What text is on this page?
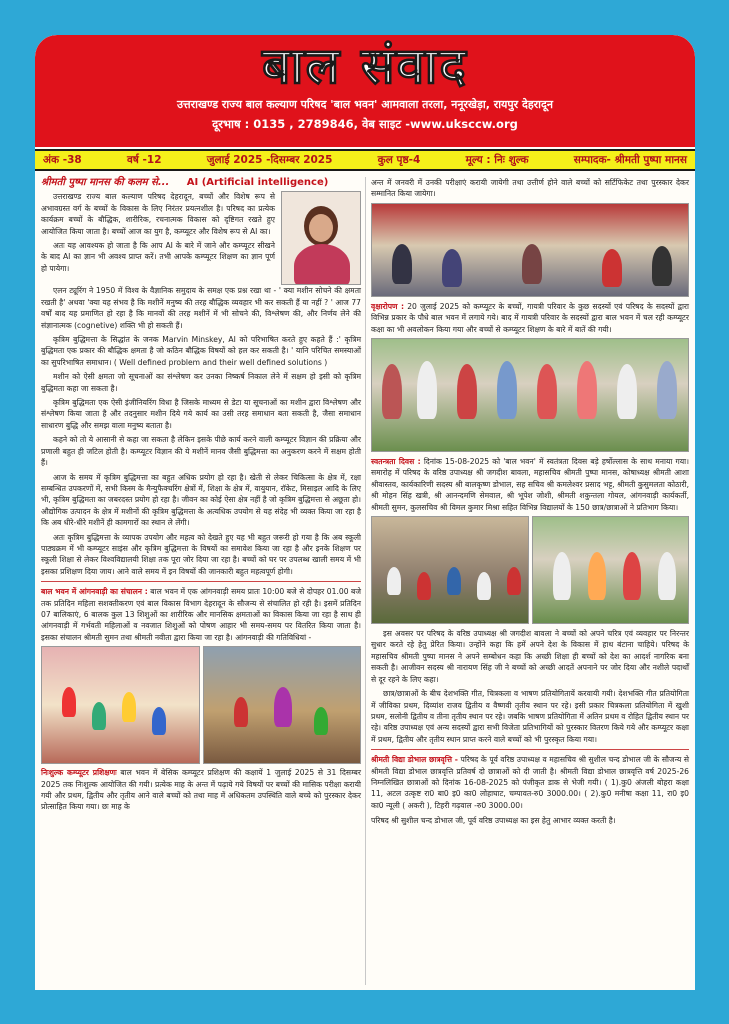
बाल संवाद
उत्तराखण्ड राज्य बाल कल्याण परिषद 'बाल भवन' आमवाला तरला, ननूरखेड़ा, रायपुर देहरादून
दूरभाष : 0135 , 2789846, वेब साइट -www.uksccw.org
अंक -38	वर्ष -12	जुलाई 2025 -दिसम्बर 2025	कुल पृष्ठ-4	मूल्य : निः शुल्क	सम्पादक- श्रीमती पुष्पा मानस
श्रीमती पुष्पा मानस की कलम से... AI (Artificial intelligence)

उत्तराखण्ड राज्य बाल कल्याण परिषद देहरादून, बच्चों और विशेष रूप से अभावग्रस्त वर्ग के बच्चों के विकास के लिए निरंतर प्रयत्नशील है। परिषद का प्रत्येक कार्यक्रम बच्चों के बौद्धिक, शारीरिक, रचनात्मक विकास को दृष्टिगत रखते हुए आयोजित किया जाता है। बच्चों आज का युग है, कम्प्यूटर और विशेष रूप से AI का।

अतः यह आवश्यक हो जाता है कि आप AI के बारे में जाने और कम्प्यूटर सीखने के बाद AI का ज्ञान भी अवश्य प्राप्त करें। तभी आपके कम्प्यूटर शिक्षण का ज्ञान पूर्ण हो पायेगा।

एलन ट्यूरिंग ने 1950 में विश्व के वैज्ञानिक समुदाय के समक्ष एक प्रश्न रखा था - ' क्या मशीन सोचने की क्षमता रखती है' अथवा 'क्या यह संभव है कि मशीनें मनुष्य की तरह बौद्धिक व्यवहार भी कर सकती हैं या नहीं ? ' आज 77 वर्षों बाद यह प्रमाणित हो रहा है कि मानवों की तरह मशीनें में भी सोचने की, विश्लेषण की, और निर्णय लेने की संज्ञानात्मक (cognetive) शक्ति भी हो सकती हैं।

कृत्रिम बुद्धिमत्ता के सिद्धांत के जनक Marvin Minskey, AI को परिभाषित करते हुए कहते हैं :' कृत्रिम बुद्धिमता एक प्रकार की बौद्धिक क्षमता है जो कठिन बौद्धिक विषयों को हल कर सकती है। ' यानि परिचित समस्याओं का सुपरिभाषित समाधान। ( Well defined problem and their well defined solutions )

मशीन को ऐसी क्षमता जो सूचनाओं का संश्लेषण कर उनका निष्कर्ष निकाल लेने में सक्षम हो इसी को कृत्रिम बुद्धिमता कहा जा सकता है।

कृत्रिम बुद्धिमता एक ऐसी इंजीनियरिंग विधा है जिसके माध्यम से डेटा या सूचनाओं का मशीन द्वारा विश्लेषण और संश्लेषण किया जाता है और तदनुसार मशीन दिये गये कार्य का उसी तरह समाधान बता सकती है, जैसा समाधान साधारण बुद्धि और समझ वाला मनुष्य बताता है।

कहने को तो ये आसानी से कहा जा सकता है लेकिन इसके पीछे कार्य करने वाली कम्प्यूटर विज्ञान की प्रक्रिया और प्रणाली बहुत ही जटिल होती है। कम्प्यूटर विज्ञान की ये मशीनें मानव जैसी बुद्धिमत्ता का अनुकरण करने में सक्षम होती हैं।

आज के समय में कृत्रिम बुद्धिमत्ता का बहुत अधिक प्रयोग हो रहा है। खेती से लेकर चिकित्सा के क्षेत्र में, रक्षा सम्बन्धित उपकरणों में, सभी किस्म के मैन्युफैक्चरिंग क्षेत्रों में, शिक्षा के क्षेत्र में, वायुयान, रॉकेट, मिसाइल आदि के लिए भी, कृत्रिम बुद्धिमता का जबरदस्त प्रयोग हो रहा है। जीवन का कोई ऐसा क्षेत्र नहीं है जो कृत्रिम बुद्धिमत्ता से अछूता हो। औद्योगिक उत्पादन के क्षेत्र में मशीनों की कृत्रिम बुद्धिमत्ता के अत्यधिक उपयोग से यह संदेह भी व्यक्त किया जा रहा है कि अब धीरे-धीरे मशीनें ही कामगारों का स्थान ले लेंगी।

अतः कृत्रिम बुद्धिमत्ता के व्यापक उपयोग और महत्व को देखते हुए यह भी बहुत जरूरी हो गया है कि अब स्कूली पाठ्यक्रम में भी कम्प्यूटर साइंस और कृत्रिम बुद्धिमत्ता के विषयों का समावेश किया जा रहा है और इनके शिक्षण पर स्कूली शिक्षा से लेकर विश्वविद्यालयी शिक्षा तक पूरा जोर दिया जा रहा है। बच्चों को घर पर उपलब्ध खाली समय में भी इसका प्रशिक्षण दिया जाय। आने वाले समय में इन विषयों की जानकारी बहुत महत्वपूर्ण होगी।

बाल भवन में आंगनवाड़ी का संचालन : बाल भवन में एक आंगनवाड़ी समय प्रातः 10:00 बजे से दोपहर 01.00 बजे तक प्रतिदिन महिला सशक्तीकरण एवं बाल विकास विभाग देहरादून के सौजन्य से संचालित हो रही है। इसमें प्रतिदिन 07 बालिकाएं, 6 बालक कुल 13 शिशुओं का शारीरिक और मानसिक क्षमताओं का विकास किया जा रहा है साथ ही आंगनवाड़ी में गर्भवती महिलाओं व नवजात शिशुओं को पोषण आहार भी समय-समय पर वितरित किया जाता है। इसका संचालन श्रीमती सुमन तथा श्रीमती नवीता द्वारा किया जा रहा है। आंगनवाड़ी की गतिविधियां -

निःशुल्क कम्प्यूटर प्रशिक्षणः बाल भवन में बेसिक कम्प्यूटर प्रशिक्षण की कक्षायें 1 जुलाई 2025 से 31 दिसम्बर 2025 तक निःशुल्क आयोजित की गयी। प्रत्येक माह के अन्त में पढ़ाये गये विषयों पर बच्चों की मासिक परीक्षा करायी गयी और प्रथम, द्वितीय और तृतीय आने वाले बच्चों को तथा माह में अधिकतम उपस्थिति वाले बच्चे को पुरस्कार देकर प्रोत्साहित किया गया। छः माह के

अन्त में जनवरी में उनकी परीक्षाएं करायी जायेगी तथा उत्तीर्ण होने वाले बच्चों को सर्टिफिकेट तथा पुरस्कार देकर सम्मानित किया जायेगा।

वृक्षारोपण : 20 जुलाई 2025 को कम्प्यूटर के बच्चों, गायत्री परिवार के कुछ सदस्यों एवं परिषद के सदस्यों द्वारा विभिन्न प्रकार के पौधे बाल भवन में लगाये गये। बाद में गायत्री परिवार के सदस्यों द्वारा बाल भवन में चल रही कम्प्यूटर कक्षा का भी अवलोकन किया गया और बच्चों से कम्प्यूटर शिक्षण के बारे में बातें की गयी।

स्वतन्त्रता दिवस : दिनांक 15-08-2025 को 'बाल भवन' में स्वतंत्रता दिवस बड़े हर्षोल्लास के साथ मनाया गया। समारोह में परिषद के वरिष्ठ उपाध्यक्ष श्री जगदीश बावला, महासचिव श्रीमती पुष्पा मानस, कोषाध्यक्ष श्रीमती आशा श्रीवास्तव, कार्यकारिणी सदस्य श्री बालकृष्ण डोभाल, सह सचिव श्री कमलेश्वर प्रसाद भट्ट, श्रीमती कुसुमलता कोठारी, श्री मोहन सिंह खत्री, श्री आनन्दमणि सेमवाल, श्री भूपेश जोशी, श्रीमती शकुन्तला गोयल, आंगनवाड़ी कार्यकर्ती, श्रीमती सुमन, कुलसचिव श्री विमल कुमार मिश्रा सहित विभिन्न विद्यालयों के 150 छात्र/छात्राओं ने प्रतिभाग किया।

इस अवसर पर परिषद के वरिष्ठ उपाध्यक्ष श्री जगदीश बावला ने बच्चों को अपने चरित्र एवं व्यवहार पर निरन्तर सुधार करते रहे हेतु प्रेरित किया। उन्होंने कहा कि हमें अपने देश के विकास में हाथ बंटाना चाहिये। परिषद के महासचिव श्रीमती पुष्पा मानस ने अपने सम्बोधन कहा कि अच्छी शिक्षा ही बच्चों को देश का आदर्श नागरिक बना सकती है। आजीवन सदस्य श्री नारायण सिंह जी ने बच्चों को अच्छी आदतें अपनाने पर जोर दिया और नशीले पदार्थों से दूर रहने के लिए कहा।

छात्र/छात्राओं के बीच देशभक्ति गीत, चित्रकला व भाषण प्रतियोगितायें करवायी गयी। देशभक्ति गीत प्रतियोगिता में जीविका प्रथम, दिव्यांश राजव द्वितीय व वैष्णवी तृतीय स्थान पर रहे। इसी प्रकार चित्रकला प्रतियोगिता में खुशी प्रथम, सलोनी द्वितीय व तीना तृतीय स्थान पर रहे। जबकि भाषण प्रतियोगिता में अतिन प्रथम व रोहित द्वितीय स्थान पर रहे। वरिष्ठ उपाध्यक्ष एवं अन्य सदस्यों द्वारा सभी विजेता प्रतिभागियों को पुरस्कार वितरण किये गये और कम्प्यूटर कक्षा में प्रथम, द्वितीय और तृतीय स्थान प्राप्त करने वाले बच्चों को भी पुरस्कृत किया गया।

श्रीमती विद्या डोभाल छात्रवृत्ति - परिषद के पूर्व वरिष्ठ उपाध्यक्ष व महासचिव श्री सुशील चन्द डोभाल जी के सौजन्य से श्रीमती विद्या डोभाल छात्रवृत्ति प्रतिवर्ष दो छात्राओं को दी जाती है। श्रीमती विद्या डोभाल छात्रवृत्ति वर्ष 2025-26 निम्नलिखित छात्राओं को दिनांक 16-08-2025 को पंजीकृत डाक से भेजी गयी। ( 1).कु0 अंजली बोहरा कक्षा 11, अटल उत्कृष्ट रा0 बा0 इ0 का0 लोहाघाट, चम्पावत-रु0 3000.00। ( 2).कु0 मनीषा कक्षा 11, रा0 इ0 का0 न्यूली ( अकरी ), टिहरी गढ़वाल -रु0 3000.00।

परिषद श्री सुशील चन्द डोभाल जी, पूर्व वरिष्ठ उपाध्यक्ष का इस हेतु आभार व्यक्त करती है।
